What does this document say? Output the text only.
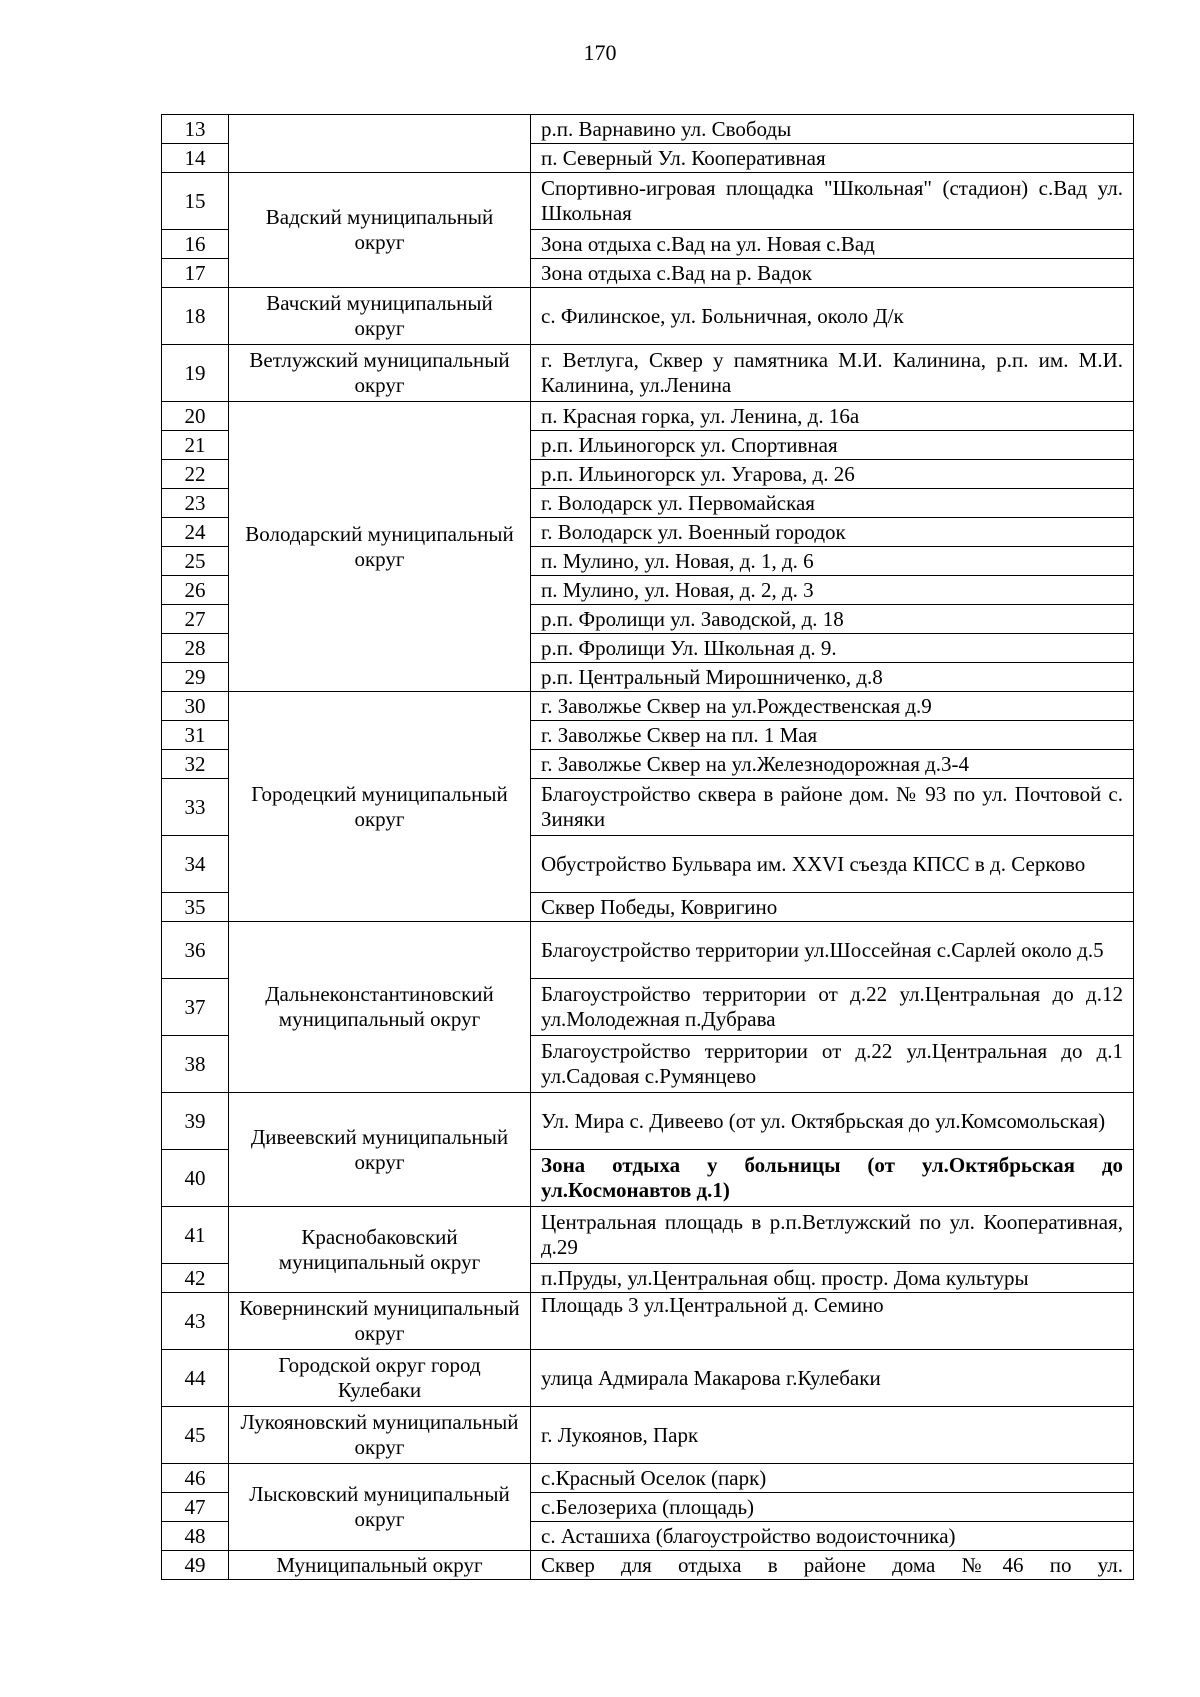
170
13		р.п. Варнавино ул. Свободы
14		п. Северный Ул. Кооперативная
15	Вадский муниципальный округ	Спортивно-игровая площадка "Школьная" (стадион) с.Вад ул. Школьная
16		Зона отдыха с.Вад на ул. Новая с.Вад
17		Зона отдыха с.Вад на р. Вадок
18	Вачский муниципальный округ	с. Филинское, ул. Больничная, около Д/к
19	Ветлужский муниципальный округ	г. Ветлуга, Сквер у памятника М.И. Калинина, р.п. им. М.И. Калинина, ул.Ленина
20	Володарский муниципальный округ	п. Красная горка, ул. Ленина, д. 16а
21		р.п. Ильиногорск ул. Спортивная
22		р.п. Ильиногорск ул. Угарова, д. 26
23		г. Володарск ул. Первомайская
24		г. Володарск ул. Военный городок
25		п. Мулино, ул. Новая, д. 1, д. 6
26		п. Мулино, ул. Новая, д. 2, д. 3
27		р.п. Фролищи ул. Заводской, д. 18
28		р.п. Фролищи Ул. Школьная д. 9.
29		р.п. Центральный Мирошниченко, д.8
30	Городецкий муниципальный округ	г. Заволжье Сквер на ул.Рождественская д.9
31		г. Заволжье Сквер на пл. 1 Мая
32		г. Заволжье Сквер на ул.Железнодорожная д.3-4
33		Благоустройство сквера в районе дом. № 93 по ул. Почтовой с. Зиняки
34		Обустройство Бульвара им. XXVI съезда КПСС в д. Серково
35		Сквер Победы, Ковригино
36	Дальнеконстантиновский муниципальный округ	Благоустройство территории ул.Шоссейная с.Сарлей около д.5
37		Благоустройство территории от д.22 ул.Центральная до д.12 ул.Молодежная п.Дубрава
38		Благоустройство территории от д.22 ул.Центральная до д.1 ул.Садовая с.Румянцево
39	Дивеевский муниципальный округ	Ул. Мира с. Дивеево (от ул. Октябрьская до ул.Комсомольская)
40		Зона отдыха у больницы (от ул.Октябрьская до ул.Космонавтов д.1)
41	Краснобаковский муниципальный округ	Центральная площадь в р.п.Ветлужский по ул. Кооперативная, д.29
42		п.Пруды, ул.Центральная общ. простр. Дома культуры
43	Ковернинский муниципальный округ	Площадь 3 ул.Центральной д. Семино
44	Городской округ город Кулебаки	улица Адмирала Макарова г.Кулебаки
45	Лукояновский муниципальный округ	г. Лукоянов, Парк
46	Лысковский муниципальный округ	с.Красный Оселок (парк)
47		с.Белозериха (площадь)
48		с. Асташиха (благоустройство водоисточника)
49	Муниципальный округ	Сквер для отдыха в районе дома №46 по ул.
